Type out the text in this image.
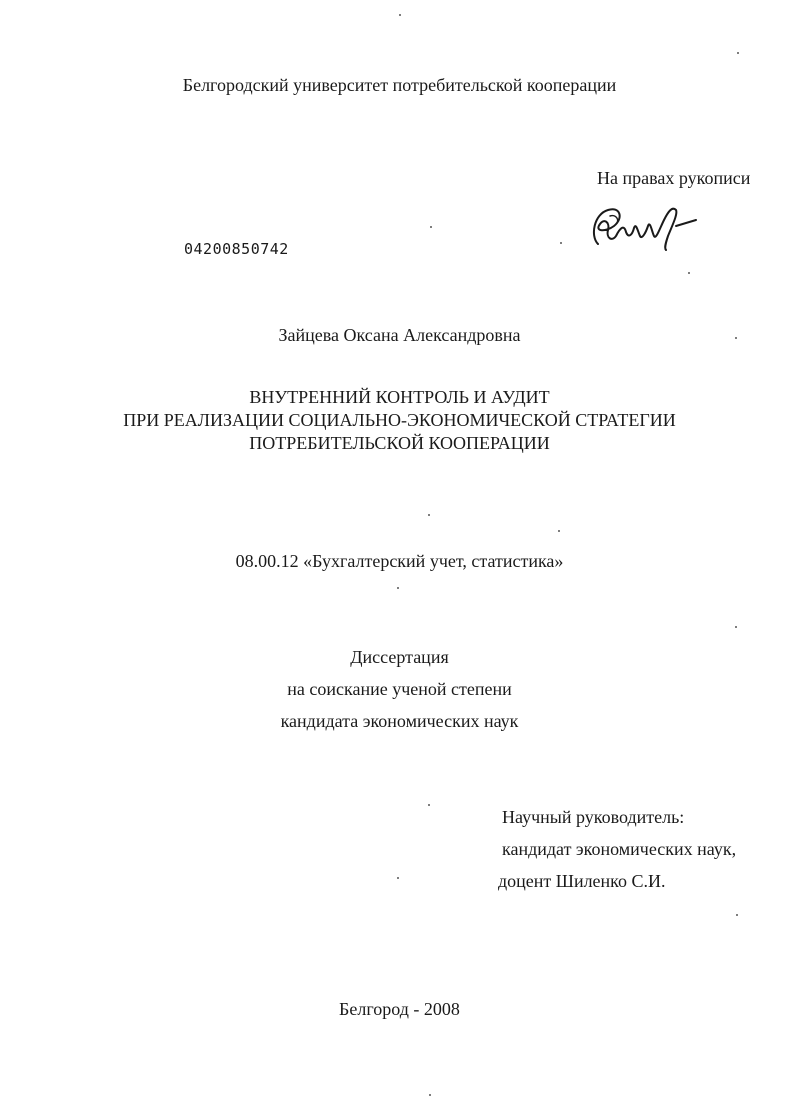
Белгородский университет потребительской кооперации
На правах рукописи
04200850742
Зайцева Оксана Александровна
ВНУТРЕННИЙ КОНТРОЛЬ И АУДИТ
ПРИ РЕАЛИЗАЦИИ СОЦИАЛЬНО-ЭКОНОМИЧЕСКОЙ СТРАТЕГИИ
ПОТРЕБИТЕЛЬСКОЙ КООПЕРАЦИИ
08.00.12 «Бухгалтерский учет, статистика»
Диссертация
на соискание ученой степени
кандидата экономических наук
Научный руководитель:
кандидат экономических наук,
доцент Шиленко С.И.
Белгород - 2008
